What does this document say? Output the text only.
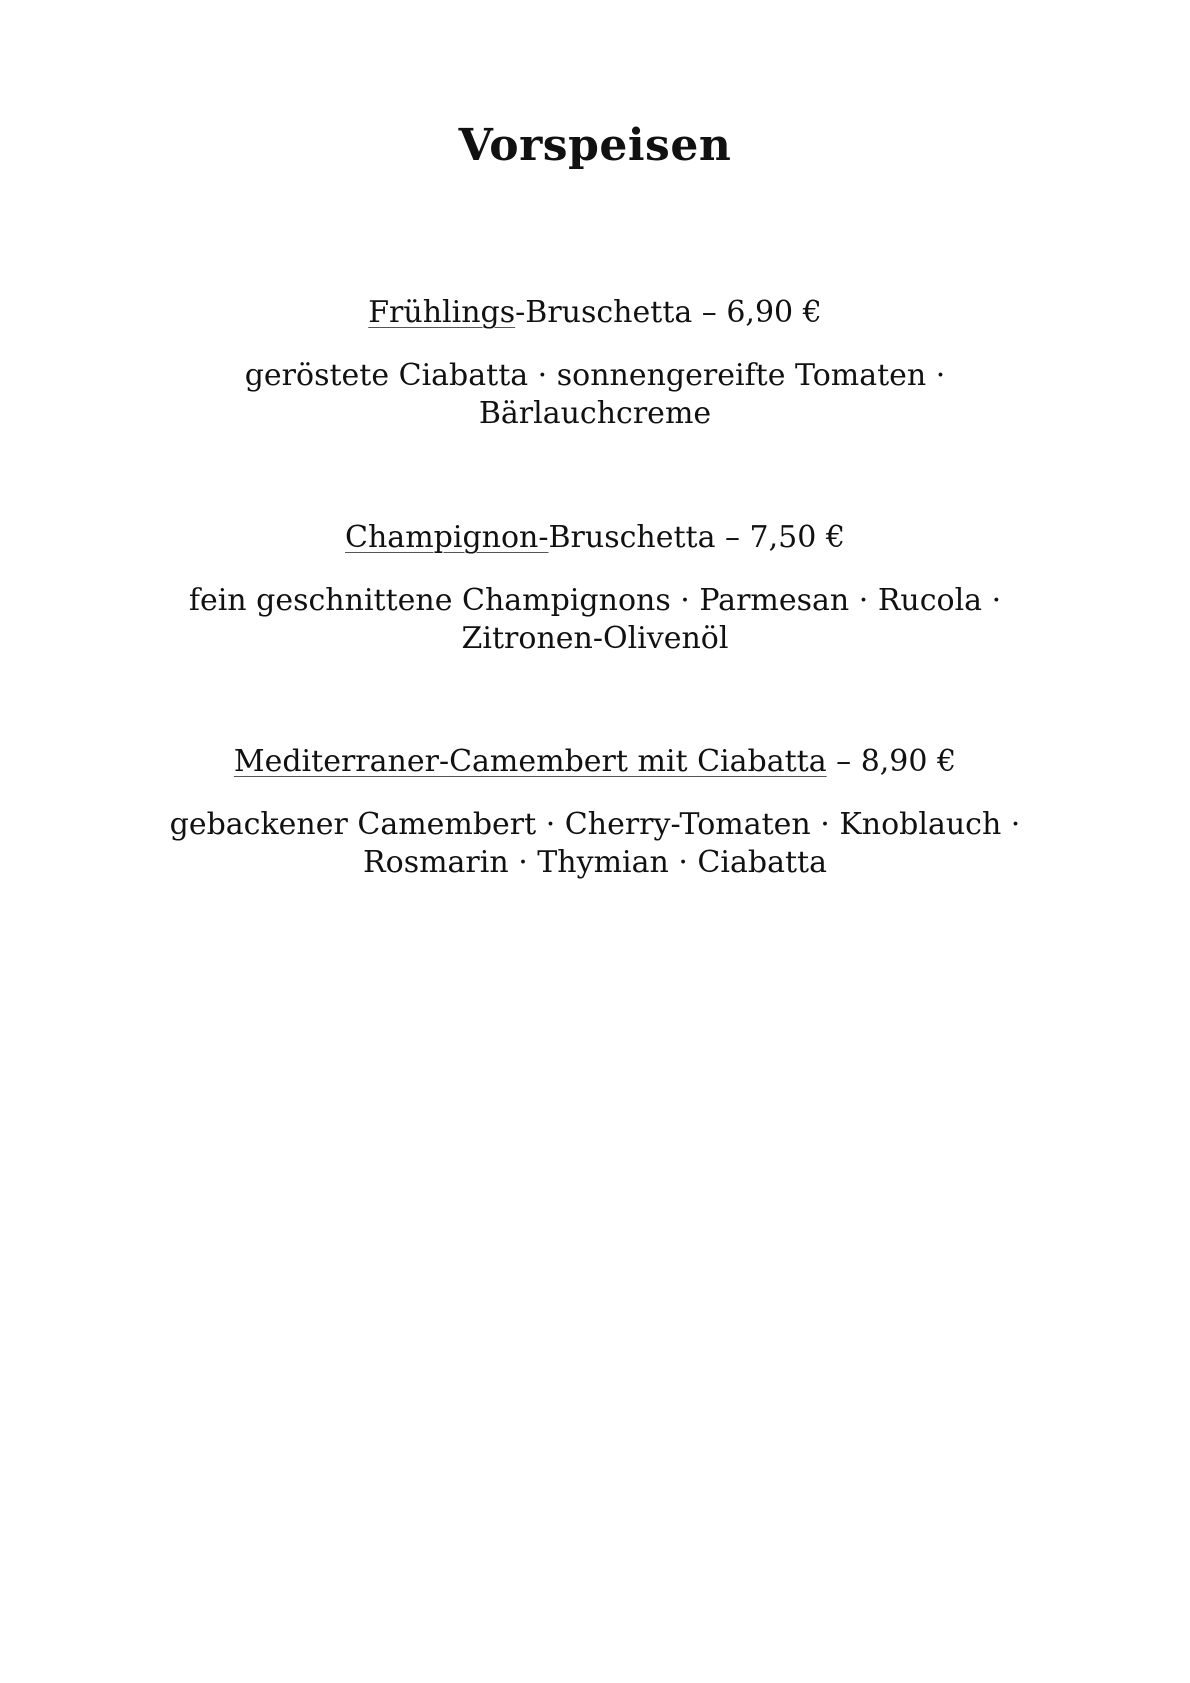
Vorspeisen
Frühlings-Bruschetta – 6,90 €
geröstete Ciabatta · sonnengereifte Tomaten ·
Bärlauchcreme
Champignon-Bruschetta – 7,50 €
fein geschnittene Champignons · Parmesan · Rucola ·
Zitronen-Olivenöl
Mediterraner-Camembert mit Ciabatta – 8,90 €
gebackener Camembert · Cherry-Tomaten · Knoblauch ·
Rosmarin · Thymian · Ciabatta
